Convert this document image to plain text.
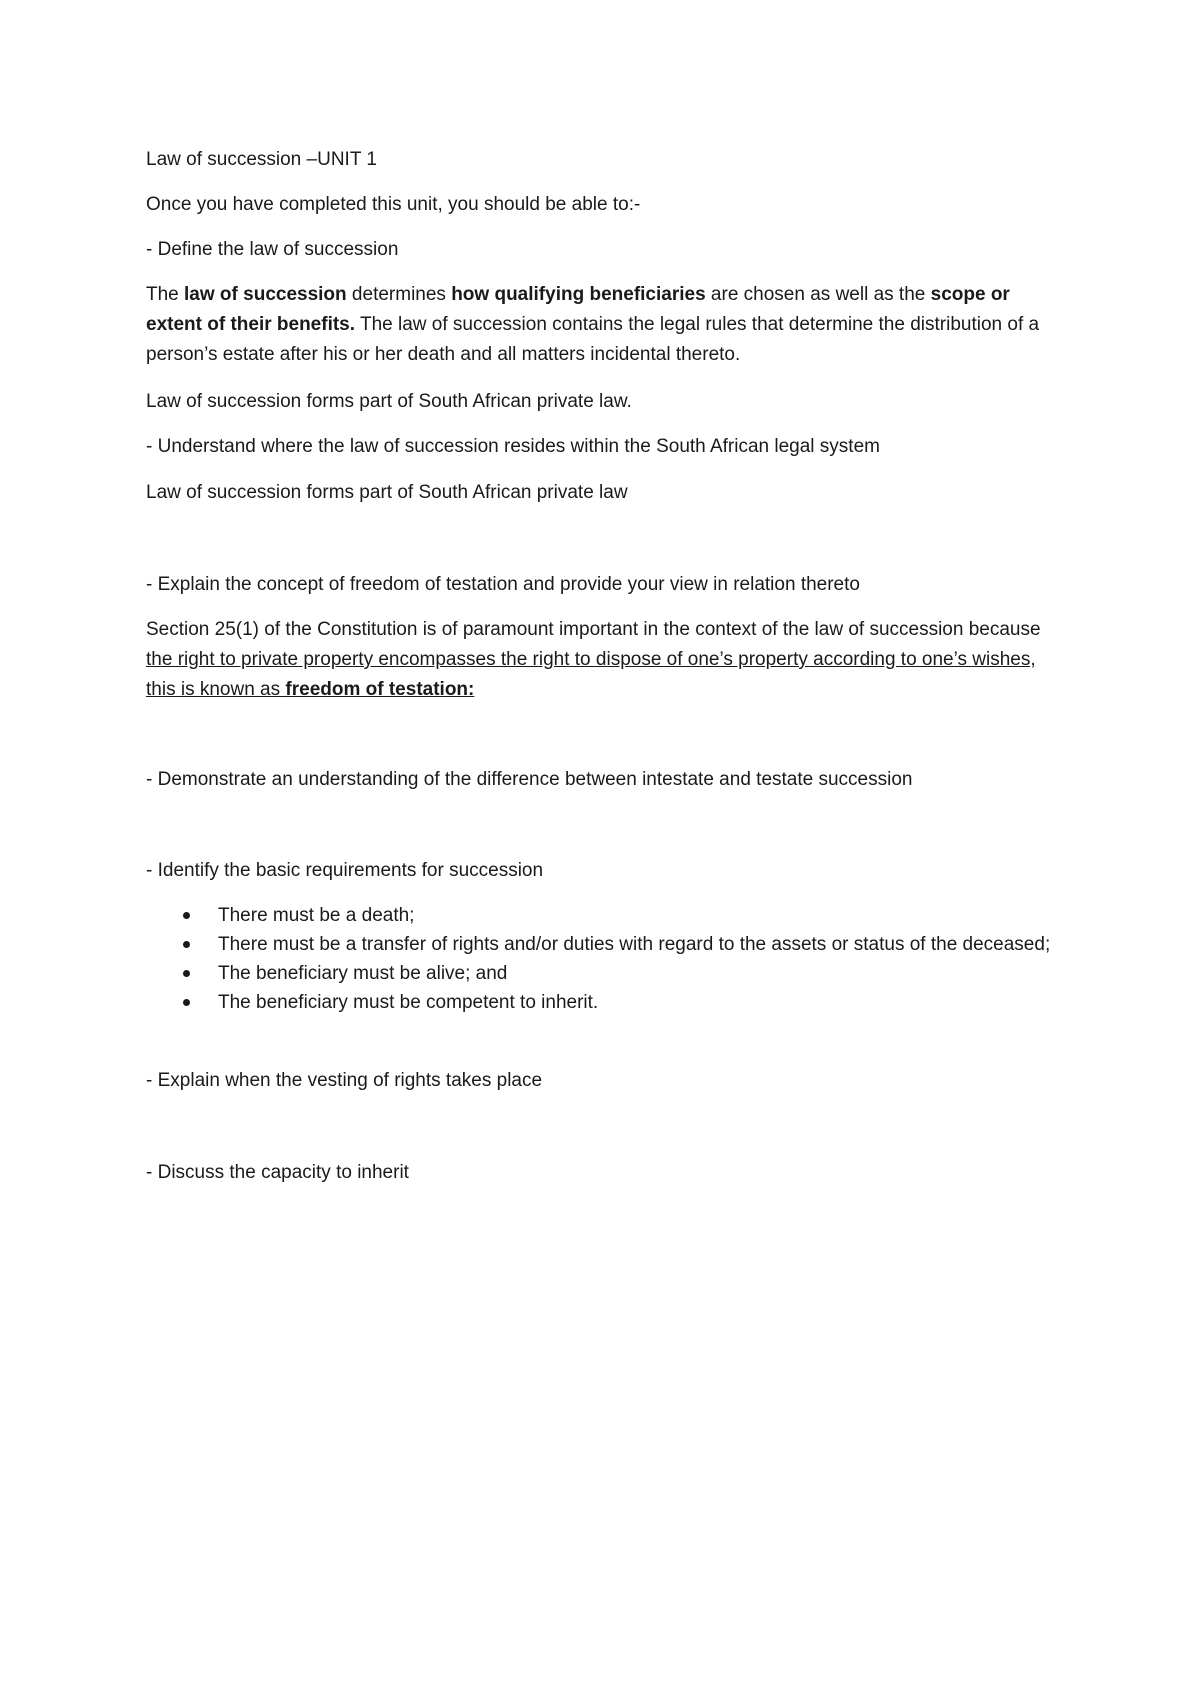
Law of succession –UNIT 1

Once you have completed this unit, you should be able to:-

- Define the law of succession

The law of succession determines how qualifying beneficiaries are chosen as well as the scope or extent of their benefits. The law of succession contains the legal rules that determine the distribution of a person’s estate after his or her death and all matters incidental thereto.

Law of succession forms part of South African private law.

- Understand where the law of succession resides within the South African legal system

Law of succession forms part of South African private law

- Explain the concept of freedom of testation and provide your view in relation thereto

Section 25(1) of the Constitution is of paramount important in the context of the law of succession because the right to private property encompasses the right to dispose of one’s property according to one’s wishes, this is known as freedom of testation:

- Demonstrate an understanding of the difference between intestate and testate succession

- Identify the basic requirements for succession

There must be a death;
There must be a transfer of rights and/or duties with regard to the assets or status of the deceased;
The beneficiary must be alive; and
The beneficiary must be competent to inherit.

- Explain when the vesting of rights takes place

- Discuss the capacity to inherit
